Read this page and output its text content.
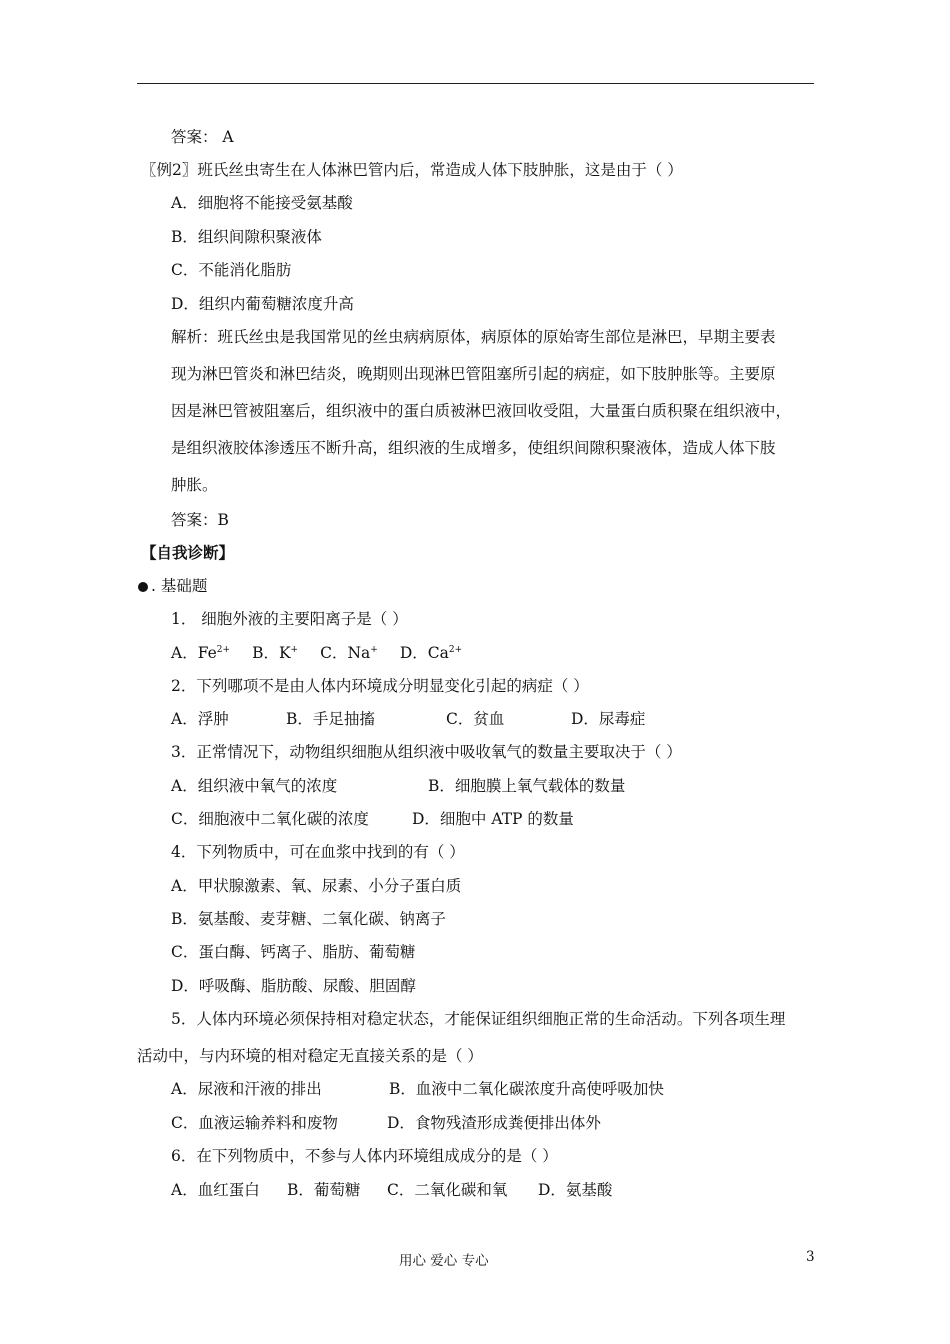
答案： A
〖例2〗班氏丝虫寄生在人体淋巴管内后，常造成人体下肢肿胀，这是由于（ ）
A．细胞将不能接受氨基酸
B．组织间隙积聚液体
C．不能消化脂肪
D．组织内葡萄糖浓度升高
解析：班氏丝虫是我国常见的丝虫病病原体，病原体的原始寄生部位是淋巴，早期主要表
现为淋巴管炎和淋巴结炎，晚期则出现淋巴管阻塞所引起的病症，如下肢肿胀等。主要原
因是淋巴管被阻塞后，组织液中的蛋白质被淋巴液回收受阻，大量蛋白质积聚在组织液中，
是组织液胶体渗透压不断升高，组织液的生成增多，使组织间隙积聚液体，造成人体下肢
肿胀。
答案：B
【自我诊断】
. 基础题
1． 细胞外液的主要阳离子是（ ）
A．$Fe^{2+}$ B．K+ C．Na+ D．$Ca^{2+}$
2．下列哪项不是由人体内环境成分明显变化引起的病症（ ）
A．浮肿	B．手足抽搐	C．贫血	D．尿毒症
3．正常情况下，动物组织细胞从组织液中吸收氧气的数量主要取决于（ ）
A．组织液中氧气的浓度	B．细胞膜上氧气载体的数量
C．细胞液中二氧化碳的浓度	D．细胞中 ATP 的数量
4．下列物质中，可在血浆中找到的有（ ）
A．甲状腺激素、氧、尿素、小分子蛋白质
B．氨基酸、麦芽糖、二氧化碳、钠离子
C．蛋白酶、钙离子、脂肪、葡萄糖
D．呼吸酶、脂肪酸、尿酸、胆固醇
5．人体内环境必须保持相对稳定状态，才能保证组织细胞正常的生命活动。下列各项生理
活动中，与内环境的相对稳定无直接关系的是（ ）
A．尿液和汗液的排出	B．血液中二氧化碳浓度升高使呼吸加快
C．血液运输养料和废物	D．食物残渣形成粪便排出体外
6．在下列物质中，不参与人体内环境组成成分的是（ ）
A．血红蛋白 B．葡萄糖 C．二氧化碳和氧 D．氨基酸
用心 爱心 专心	3
